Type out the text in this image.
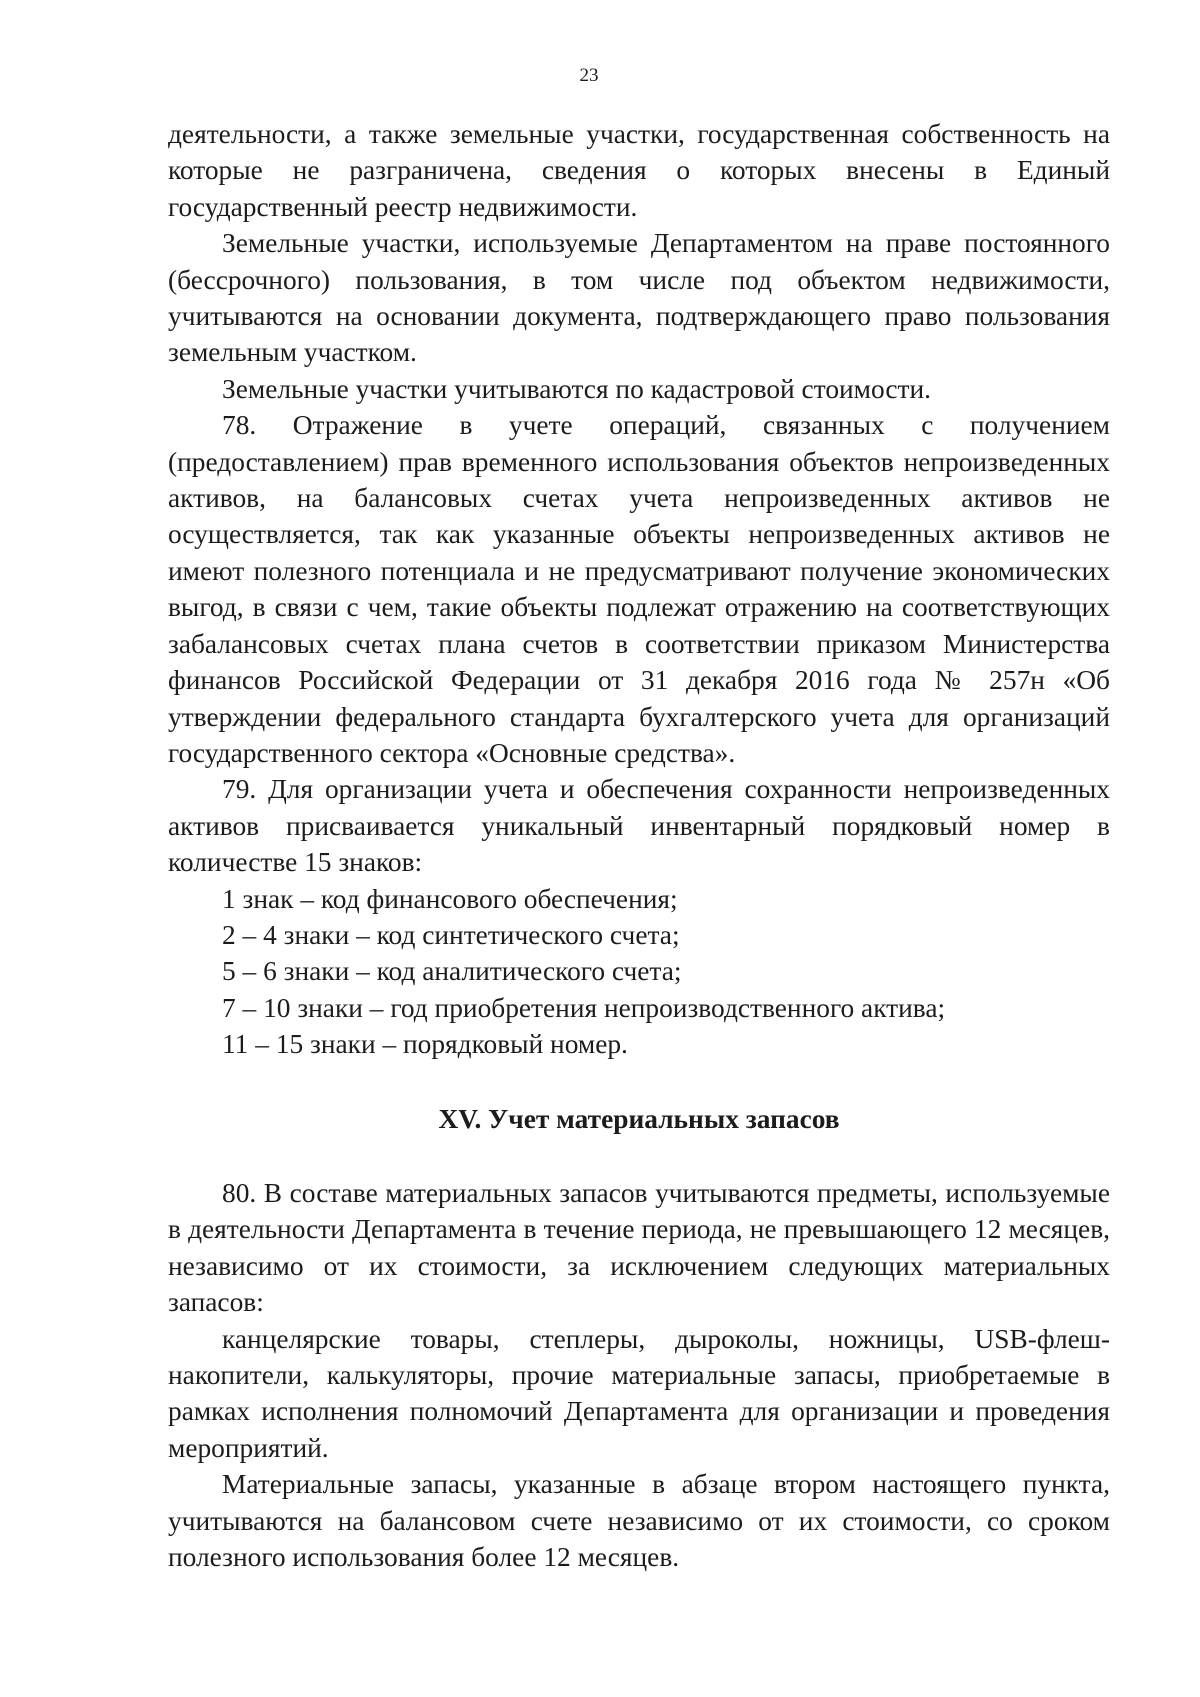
23

деятельности, а также земельные участки, государственная собственность на которые не разграничена, сведения о которых внесены в Единый государственный реестр недвижимости.

Земельные участки, используемые Департаментом на праве постоянного (бессрочного) пользования, в том числе под объектом недвижимости, учитываются на основании документа, подтверждающего право пользования земельным участком.

Земельные участки учитываются по кадастровой стоимости.

78. Отражение в учете операций, связанных с получением (предоставлением) прав временного использования объектов непроизведенных активов, на балансовых счетах учета непроизведенных активов не осуществляется, так как указанные объекты непроизведенных активов не имеют полезного потенциала и не предусматривают получение экономических выгод, в связи с чем, такие объекты подлежат отражению на соответствующих забалансовых счетах плана счетов в соответствии приказом Министерства финансов Российской Федерации от 31 декабря 2016 года № 257н «Об утверждении федерального стандарта бухгалтерского учета для организаций государственного сектора «Основные средства».

79. Для организации учета и обеспечения сохранности непроизведенных активов присваивается уникальный инвентарный порядковый номер в количестве 15 знаков:

1 знак – код финансового обеспечения;

2 – 4 знаки – код синтетического счета;

5 – 6 знаки – код аналитического счета;

7 – 10 знаки – год приобретения непроизводственного актива;

11 – 15 знаки – порядковый номер.

XV. Учет материальных запасов

80. В составе материальных запасов учитываются предметы, используемые в деятельности Департамента в течение периода, не превышающего 12 месяцев, независимо от их стоимости, за исключением следующих материальных запасов:

канцелярские товары, степлеры, дыроколы, ножницы, USB-флеш-накопители, калькуляторы, прочие материальные запасы, приобретаемые в рамках исполнения полномочий Департамента для организации и проведения мероприятий.

Материальные запасы, указанные в абзаце втором настоящего пункта, учитываются на балансовом счете независимо от их стоимости, со сроком полезного использования более 12 месяцев.
